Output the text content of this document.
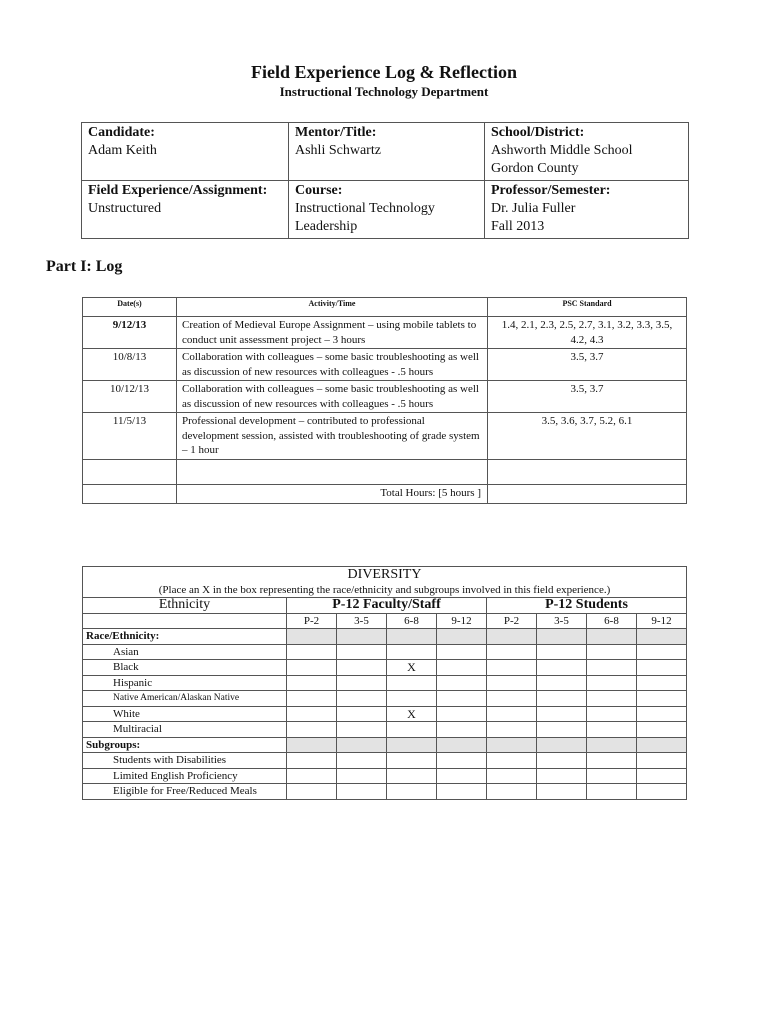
Field Experience Log & Reflection
Instructional Technology Department
Candidate:
Adam Keith	Mentor/Title:
Ashli Schwartz	School/District:
Ashworth Middle School
Gordon County

Field Experience/Assignment:
Unstructured	Course:
Instructional Technology
Leadership	Professor/Semester:
Dr. Julia Fuller
Fall 2013
Part I: Log
Date(s)	Activity/Time	PSC Standard
9/12/13	Creation of Medieval Europe Assignment – using mobile tablets to conduct unit assessment project – 3 hours	1.4, 2.1, 2.3, 2.5, 2.7, 3.1, 3.2, 3.3, 3.5, 4.2, 4.3
10/8/13	Collaboration with colleagues – some basic troubleshooting as well as discussion of new resources with colleagues - .5 hours	3.5, 3.7
10/12/13	Collaboration with colleagues – some basic troubleshooting as well as discussion of new resources with colleagues - .5 hours	3.5, 3.7
11/5/13	Professional development – contributed to professional development session, assisted with troubleshooting of grade system – 1 hour	3.5, 3.6, 3.7, 5.2, 6.1

	Total Hours: [5 hours ]	
DIVERSITY								
(Place an X in the box representing the race/ethnicity and subgroups involved in this field experience.)								
Ethnicity	P-12 Faculty/Staff				P-12 Students			
	P-2	3-5	6-8	9-12	P-2	3-5	6-8	9-12
Race/Ethnicity:								
Asian								
Black			X					
Hispanic								
Native American/Alaskan Native								
White			X					
Multiracial								
Subgroups:								
Students with Disabilities								
Limited English Proficiency								
Eligible for Free/Reduced Meals								
